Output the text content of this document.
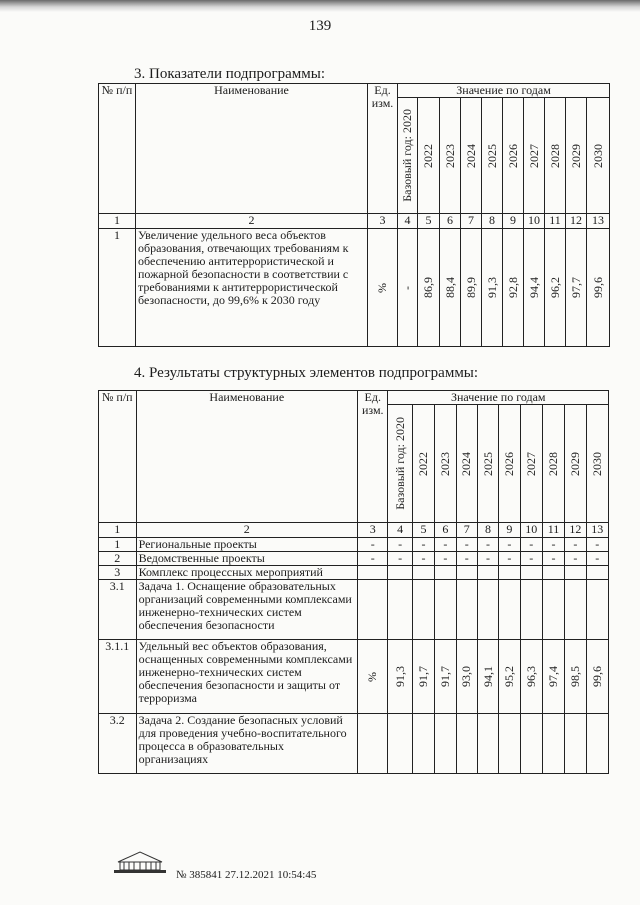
139
3. Показатели подпрограммы:
№ п/п	Наименование	Ед. изм.	Значение по годам									

			Базовый год: 2020	2022	2023	2024	2025	2026	2027	2028	2029	2030

1	2	3	4	5	6	7	8	9	10	11	12	13
1	Увеличение удельного веса объектов образования, отвечающих требованиям к обеспечению антитеррористической и пожарной безопасности в соответствии с требованиями к антитеррористической безопасности, до 99,6% к 2030 году	%	-	86,9	88,4	89,9	91,3	92,8	94,4	96,2	97,7	99,6
4. Результаты структурных элементов подпрограммы:
№ п/п	Наименование	Ед. изм.	Значение по годам									

			Базовый год: 2020	2022	2023	2024	2025	2026	2027	2028	2029	2030

1	2	3	4	5	6	7	8	9	10	11	12	13
1	Региональные проекты	-	-	-	-	-	-	-	-	-	-	-
2	Ведомственные проекты	-	-	-	-	-	-	-	-	-	-	-
3	Комплекс процессных мероприятий											
3.1	Задача 1. Оснащение образовательных организаций современными комплексами инженерно-технических систем обеспечения безопасности											
3.1.1	Удельный вес объектов образования, оснащенных современными комплексами инженерно-технических систем обеспечения безопасности и защиты от терроризма	%	91,3	91,7	91,7	93,0	94,1	95,2	96,3	97,4	98,5	99,6

3.2	Задача 2. Создание безопасных условий для проведения учебно-воспитательного процесса в образовательных организациях											
№ 385841 27.12.2021 10:54:45
